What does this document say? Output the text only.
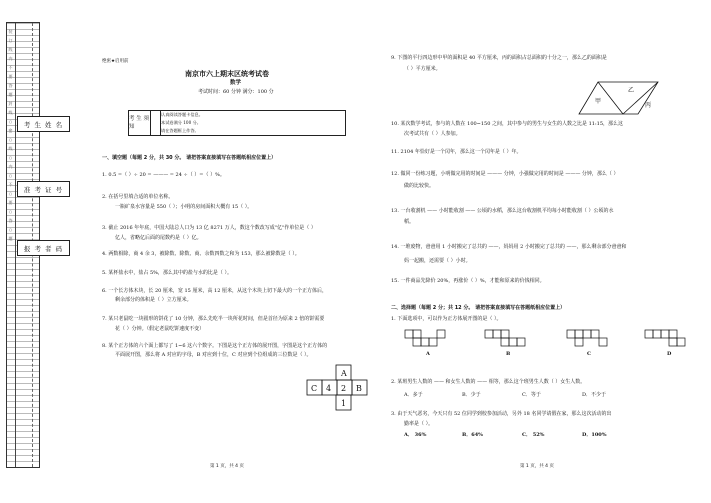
装 订 线 内 不 要 答 题 封 线 ○ 密 ○ 线 ○ 内 ○ 不 ○ 要 ○ 答 ○ 题
考 生 姓 名
准 考 证 号
报 考 者 码
绝密★启用前
南京市六上期末区统考试卷
数学
考试时间：60 分钟 满分：100 分
考 生 须 知
认真阅读答题卡信息。
本试卷满分 100 分。
请在答题框上作答。
一、填空题（每题 2 分，共 30 分。 请把答案直接填写在答题纸相应位置上）
1. 0.5 =（ ）÷ 20 = ——— = 24 ÷（ ）=（ ）%。
2. 在括号里填合适的单位名称。
一瓶矿泉水容量是 550（ ）；小明的房间面积大概有 15（ ）。
3. 截止 2016 年年底，中国大陆总人口为 13 亿 8271 万人，数这个数改写成"亿"作单位是（ ）
亿人，省略亿后面的尾数约是（ ）亿。
4. 两数相除，商 4 余 3，被除数、除数、商、余数四数之和为 153，那么被除数是（ ）。
5. 某杯盐水中，盐占 5%，那么其中的盐与水的比是（ ）。
6. 一个长方体木块，长 20 厘米，宽 15 厘米，高 12 厘米，从这个木块上切下最大的一个正方体后，
剩余部分的体积是（ ）立方厘米。
7. 某只老鼠吃一块圆形的饼花了 10 分钟，那么先吃半一块所花时间，但是首径为原来 2 倍的饼需要
花（ ）分钟。（假定老鼠吃饼速度不变）
8. 某个正方体的六个面上都写了 1~6 这六个数字。下图是这个正方体的展开图，字图是这个正方体的
平面展开图，那么将 A 对应的字母，B 对应到十位，C 对应到个位组成的三位数是（ ）。
A
C 4 2 B
1
第 1 页，共 4 页
9. 下图的平行四边形中甲的面积是 40 平方厘米，丙的面积占总面积的十分之一，那么乙的面积是
（ ）平方厘米。
甲
乙
丙
10. 某次数学考试，参与的人数在 100~150 之间，其中参与的男生与女生的人数之比是 11:15，那么这
次考试共有（ ）人参加。
11. 2104 年恰好是一个闰年，那么这一个闰年是（ ）年。
12. 做同一份练习题，小明做完用的时间是 ——— 分钟，小强做完用的时间是 ——— 分钟，那么（ ）
做的比较快。
13. 一台收割机 —— 小时能收割 —— 公顷的水稻，那么这台收割机平均每小时能收割（ ）公顷的水
稻。
14. 一堆废物，爸爸用 1 小时搬完了总共的 ——，妈妈用 2 小时搬完了总共的 ——，那么剩余部分爸爸和
妈一起搬，还需要（ ）小时。
15. 一件商品先降价 20%，再涨价（ ）%，才能和原来的价钱相同。
二、选择题（每题 2 分；共 12 分。 请把答案直接填写在答题纸相应位置上）
1. 下面选项中，可以作为正方体展开图的是（ ）。
A	B	C	D
2. 某班男生人数的 —— 和女生人数的 —— 相等，那么这个班男生人数（ ）女生人数。
A．多于	B．少于	C．等于	D．不少于
3. 由于天气恶劣，今天只有 52 位同学到校参加活动，另外 18 名同学请假在家，那么这次活动的出
勤率是（ ）。
A． 36%	B．64%	C． 52%	D．100%
第 1 页，共 4 页
